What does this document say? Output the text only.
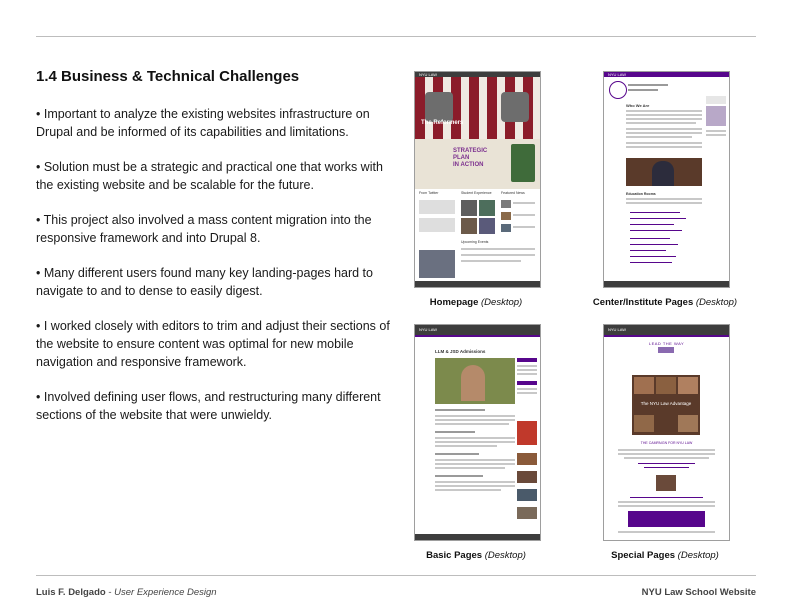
1.4 Business & Technical Challenges

• Important to analyze the existing websites infrastructure on Drupal and be informed of its capabilities and limitations.

• Solution must be a strategic and practical one that works with the existing website and be scalable for the future.

• This project also involved a mass content migration into the responsive framework and into Drupal 8.

• Many different users found many key landing-pages hard to navigate to and to dense to easily digest.

• I worked closely with editors to trim and adjust their sections of the website to ensure content was optimal for new mobile navigation and responsive framework.

• Involved defining user flows, and restructuring many different sections of the website that were unwieldy.

NYU LAW
The Reformers
STRATEGIC
PLAN
IN ACTION
From Twitter	Student Experience	Featured News
Upcoming Events
Homepage (Desktop)
NYU LAW
Who We Are
Education Rooms
Center/Institute Pages (Desktop)
NYU LAW
LLM & JSD Admissions
Basic Pages (Desktop)
NYU LAW
LEAD THE WAY
The NYU Law Advantage
THE CAMPAIGN FOR NYU LAW
Special Pages (Desktop)
Luis F. Delgado - User Experience Design	NYU Law School Website
